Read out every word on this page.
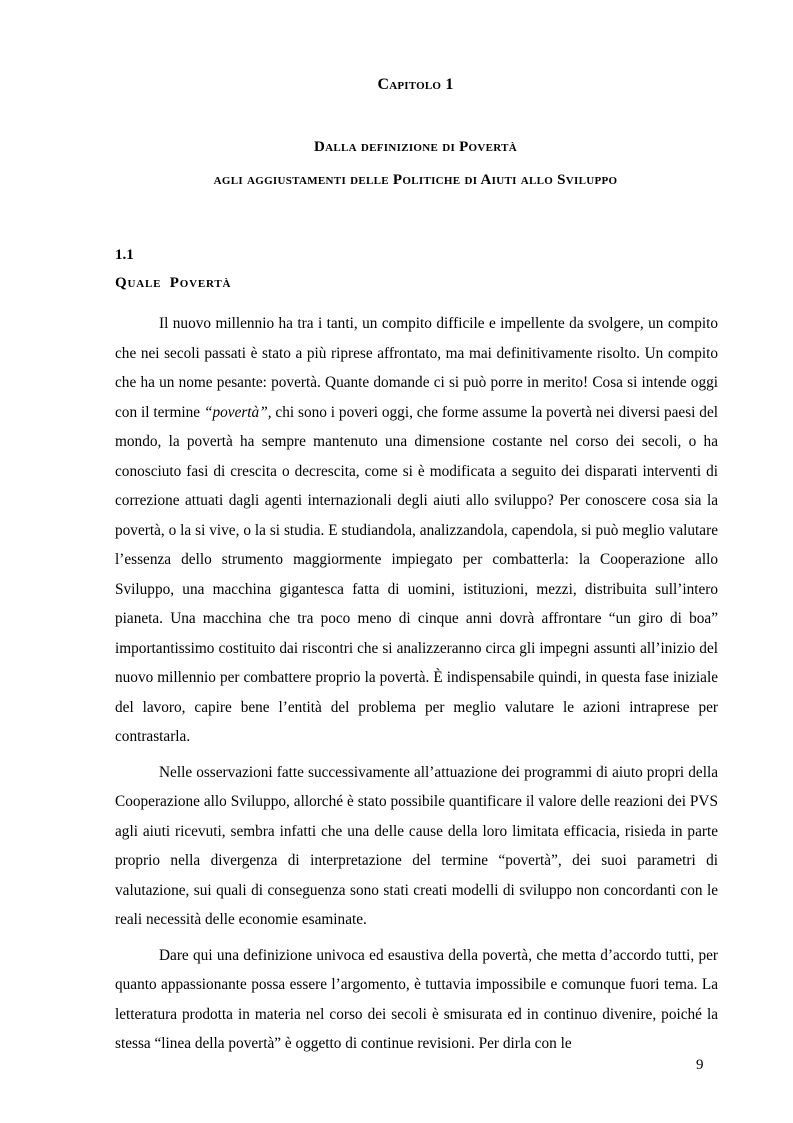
Capitolo 1
Dalla definizione di Povertà
agli aggiustamenti delle Politiche di Aiuti allo Sviluppo
1.1
Quale Povertà

Il nuovo millennio ha tra i tanti, un compito difficile e impellente da svolgere, un compito che nei secoli passati è stato a più riprese affrontato, ma mai definitivamente risolto. Un compito che ha un nome pesante: povertà. Quante domande ci si può porre in merito! Cosa si intende oggi con il termine “povertà”, chi sono i poveri oggi, che forme assume la povertà nei diversi paesi del mondo, la povertà ha sempre mantenuto una dimensione costante nel corso dei secoli, o ha conosciuto fasi di crescita o decrescita, come si è modificata a seguito dei disparati interventi di correzione attuati dagli agenti internazionali degli aiuti allo sviluppo? Per conoscere cosa sia la povertà, o la si vive, o la si studia. E studiandola, analizzandola, capendola, si può meglio valutare l’essenza dello strumento maggiormente impiegato per combatterla: la Cooperazione allo Sviluppo, una macchina gigantesca fatta di uomini, istituzioni, mezzi, distribuita sull’intero pianeta. Una macchina che tra poco meno di cinque anni dovrà affrontare “un giro di boa” importantissimo costituito dai riscontri che si analizzeranno circa gli impegni assunti all’inizio del nuovo millennio per combattere proprio la povertà. È indispensabile quindi, in questa fase iniziale del lavoro, capire bene l’entità del problema per meglio valutare le azioni intraprese per contrastarla.

Nelle osservazioni fatte successivamente all’attuazione dei programmi di aiuto propri della Cooperazione allo Sviluppo, allorché è stato possibile quantificare il valore delle reazioni dei PVS agli aiuti ricevuti, sembra infatti che una delle cause della loro limitata efficacia, risieda in parte proprio nella divergenza di interpretazione del termine “povertà”, dei suoi parametri di valutazione, sui quali di conseguenza sono stati creati modelli di sviluppo non concordanti con le reali necessità delle economie esaminate.

Dare qui una definizione univoca ed esaustiva della povertà, che metta d’accordo tutti, per quanto appassionante possa essere l’argomento, è tuttavia impossibile e comunque fuori tema. La letteratura prodotta in materia nel corso dei secoli è smisurata ed in continuo divenire, poiché la stessa “linea della povertà” è oggetto di continue revisioni. Per dirla con le

9
